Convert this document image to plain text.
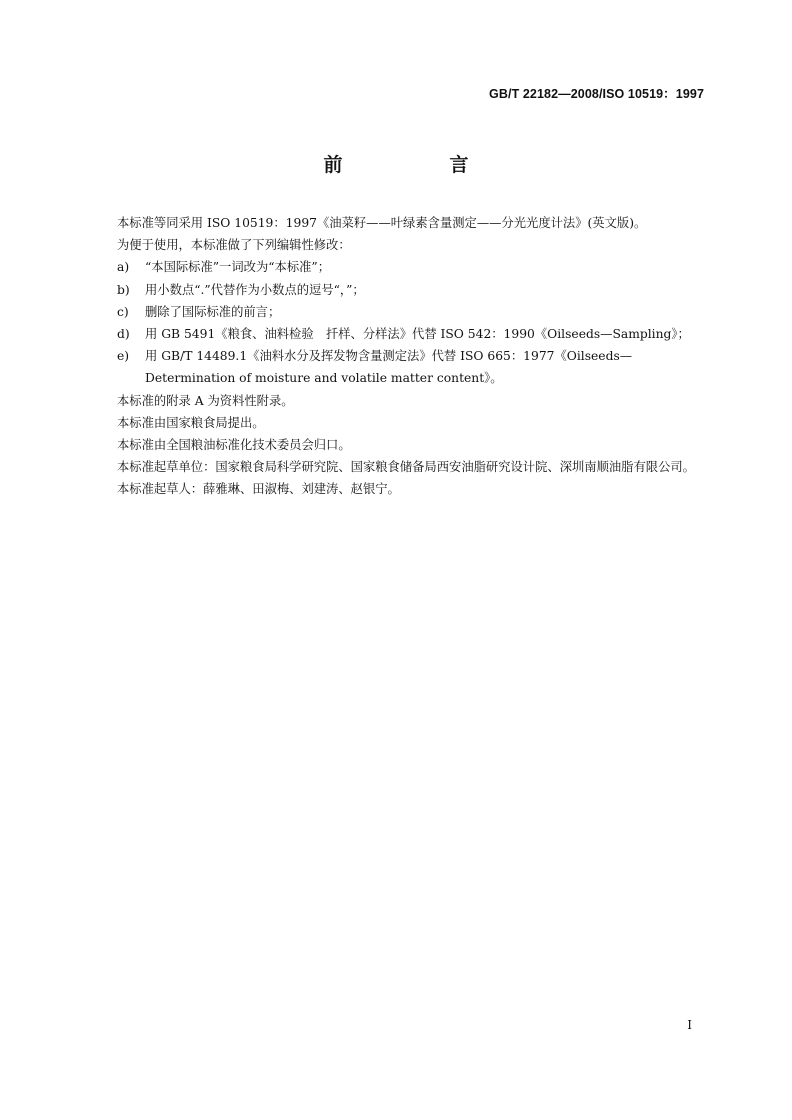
GB/T 22182—2008/ISO 10519：1997
前　言

本标准等同采用 ISO 10519：1997《油菜籽——叶绿素含量测定——分光光度计法》(英文版)。

为便于使用，本标准做了下列编辑性修改：

a) “本国际标准”一词改为“本标准”；
b) 用小数点“.”代替作为小数点的逗号“，”；
c) 删除了国际标准的前言；
d) 用 GB 5491《粮食、油料检验　扦样、分样法》代替 ISO 542：1990《Oilseeds—Sampling》；
e) 用 GB/T 14489.1《油料水分及挥发物含量测定法》代替 ISO 665：1977《Oilseeds—Determination of moisture and volatile matter content》。

本标准的附录 A 为资料性附录。

本标准由国家粮食局提出。

本标准由全国粮油标准化技术委员会归口。

本标准起草单位：国家粮食局科学研究院、国家粮食储备局西安油脂研究设计院、深圳南顺油脂有限公司。

本标准起草人：薛雅琳、田淑梅、刘建涛、赵银宁。

I
